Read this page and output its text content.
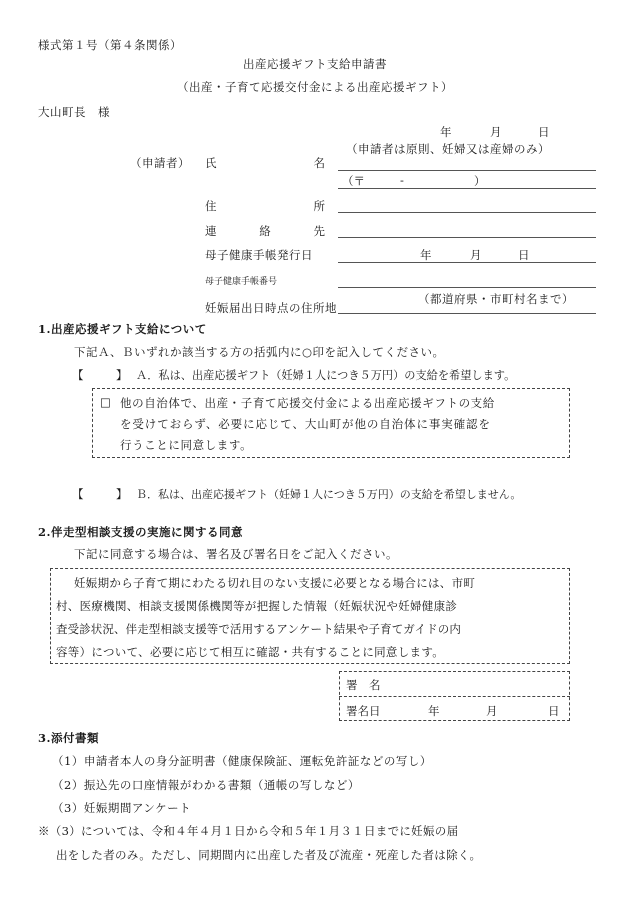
様式第１号（第４条関係）
出産応援ギフト支給申請書
（出産・子育て応援交付金による出産応援ギフト）
大山町長　様
年	月	日
（申請者は原則、妊婦又は産婦のみ）
（申請者） 氏	名
（〒	-	）
住	所
連	絡	先
母子健康手帳発行日	年	月	日
母子健康手帳番号
（都道府県・市町村名まで）
妊娠届出日時点の住所地
1.出産応援ギフト支給について
下記Ａ、Ｂいずれか該当する方の括弧内に○印を記入してください。
【	】 Ａ．私は、出産応援ギフト（妊婦１人につき５万円）の支給を希望します。
□ 他の自治体で、出産・子育て応援交付金による出産応援ギフトの支給
を受けておらず、必要に応じて、大山町が他の自治体に事実確認を
行うことに同意します。
【	】 Ｂ．私は、出産応援ギフト（妊婦１人につき５万円）の支給を希望しません。
2.伴走型相談支援の実施に関する同意
下記に同意する場合は、署名及び署名日をご記入ください。
妊娠期から子育て期にわたる切れ目のない支援に必要となる場合には、市町
村、医療機関、相談支援関係機関等が把握した情報（妊娠状況や妊婦健康診
査受診状況、伴走型相談支援等で活用するアンケート結果や子育てガイドの内
容等）について、必要に応じて相互に確認・共有することに同意します。
署　名
署名日	年	月	日
3.添付書類
（1）申請者本人の身分証明書（健康保険証、運転免許証などの写し）
（2）振込先の口座情報がわかる書類（通帳の写しなど）
（3）妊娠期間アンケート
※（3）については、令和４年４月１日から令和５年１月３１日までに妊娠の届
出をした者のみ。ただし、同期間内に出産した者及び流産・死産した者は除く。
